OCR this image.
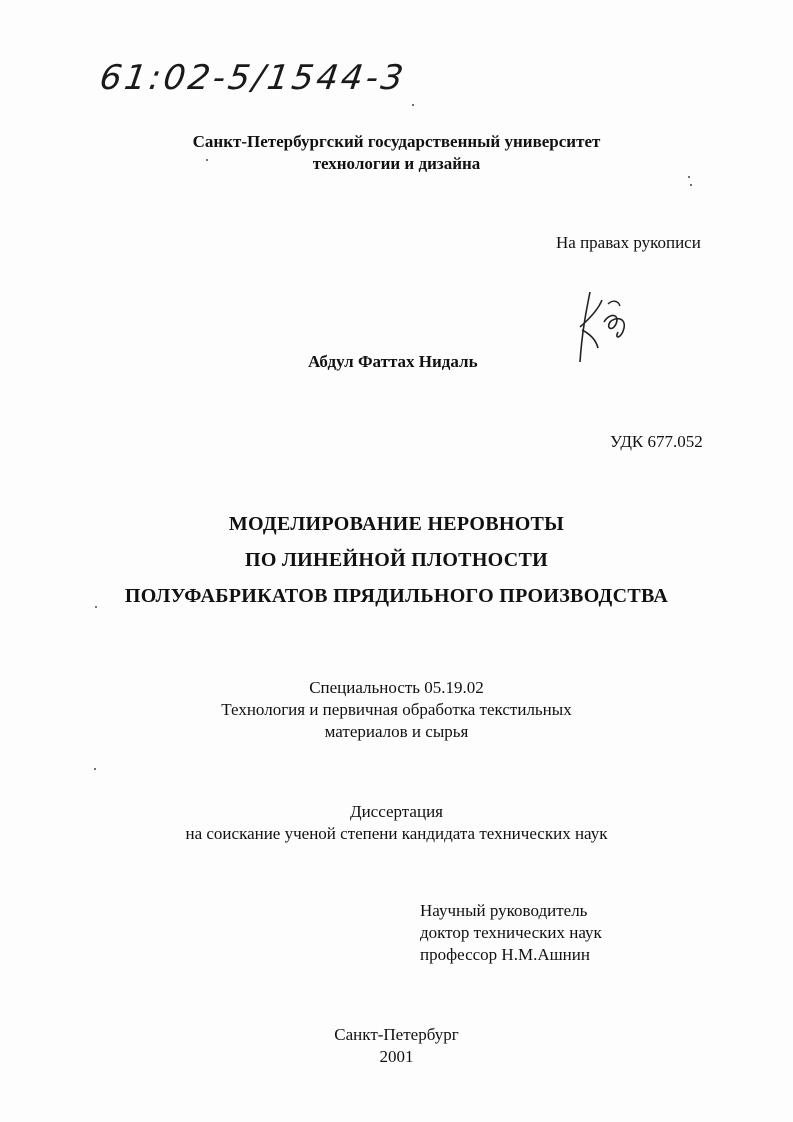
61:02-5/1544-3
Санкт-Петербургский государственный университет
технологии и дизайна
На правах рукописи
Абдул Фаттах Нидаль
УДК 677.052
МОДЕЛИРОВАНИЕ НЕРОВНОТЫ
ПО ЛИНЕЙНОЙ ПЛОТНОСТИ
ПОЛУФАБРИКАТОВ ПРЯДИЛЬНОГО ПРОИЗВОДСТВА
Специальность 05.19.02
Технология и первичная обработка текстильных
материалов и сырья
Диссертация
на соискание ученой степени кандидата технических наук
Научный руководитель
доктор технических наук
профессор Н.М.Ашнин
Санкт-Петербург
2001
